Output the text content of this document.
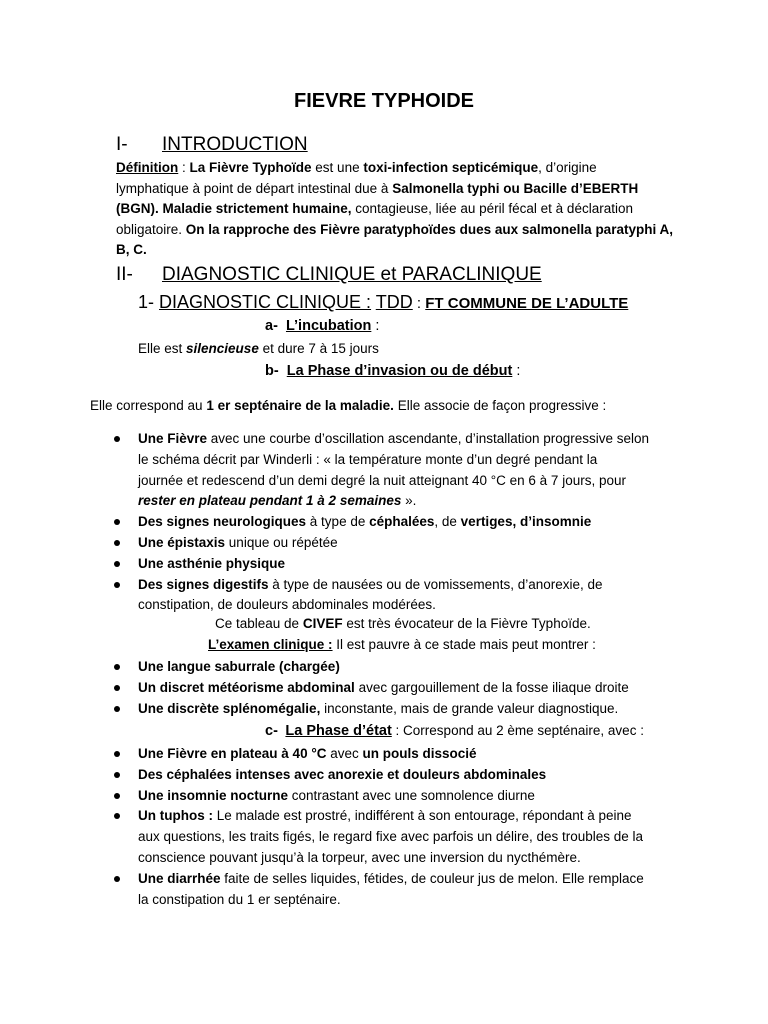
FIEVRE TYPHOIDE
I- INTRODUCTION
Définition : La Fièvre Typhoïde est une toxi-infection septicémique, d’origine
lymphatique à point de départ intestinal due à Salmonella typhi ou Bacille d’EBERTH
(BGN). Maladie strictement humaine, contagieuse, liée au péril fécal et à déclaration
obligatoire. On la rapproche des Fièvre paratyphoïdes dues aux salmonella paratyphi A,
B, C.
II- DIAGNOSTIC CLINIQUE et PARACLINIQUE
1- DIAGNOSTIC CLINIQUE : TDD : FT COMMUNE DE L’ADULTE
a- L’incubation :
Elle est silencieuse et dure 7 à 15 jours
b- La Phase d’invasion ou de début :
Elle correspond au 1 er septénaire de la maladie. Elle associe de façon progressive :
Une Fièvre avec une courbe d’oscillation ascendante, d’installation progressive selon
le schéma décrit par Winderli : « la température monte d’un degré pendant la
journée et redescend d’un demi degré la nuit atteignant 40 °C en 6 à 7 jours, pour
rester en plateau pendant 1 à 2 semaines ».
Des signes neurologiques à type de céphalées, de vertiges, d’insomnie
Une épistaxis unique ou répétée
Une asthénie physique
Des signes digestifs à type de nausées ou de vomissements, d’anorexie, de
constipation, de douleurs abdominales modérées.
Ce tableau de CIVEF est très évocateur de la Fièvre Typhoïde.
L’examen clinique : Il est pauvre à ce stade mais peut montrer :
Une langue saburrale (chargée)
Un discret météorisme abdominal avec gargouillement de la fosse iliaque droite
Une discrète splénomégalie, inconstante, mais de grande valeur diagnostique.
c- La Phase d’état : Correspond au 2 ème septénaire, avec :
Une Fièvre en plateau à 40 °C avec un pouls dissocié
Des céphalées intenses avec anorexie et douleurs abdominales
Une insomnie nocturne contrastant avec une somnolence diurne
Un tuphos : Le malade est prostré, indifférent à son entourage, répondant à peine
aux questions, les traits figés, le regard fixe avec parfois un délire, des troubles de la
conscience pouvant jusqu’à la torpeur, avec une inversion du nycthémère.
Une diarrhée faite de selles liquides, fétides, de couleur jus de melon. Elle remplace
la constipation du 1 er septénaire.
